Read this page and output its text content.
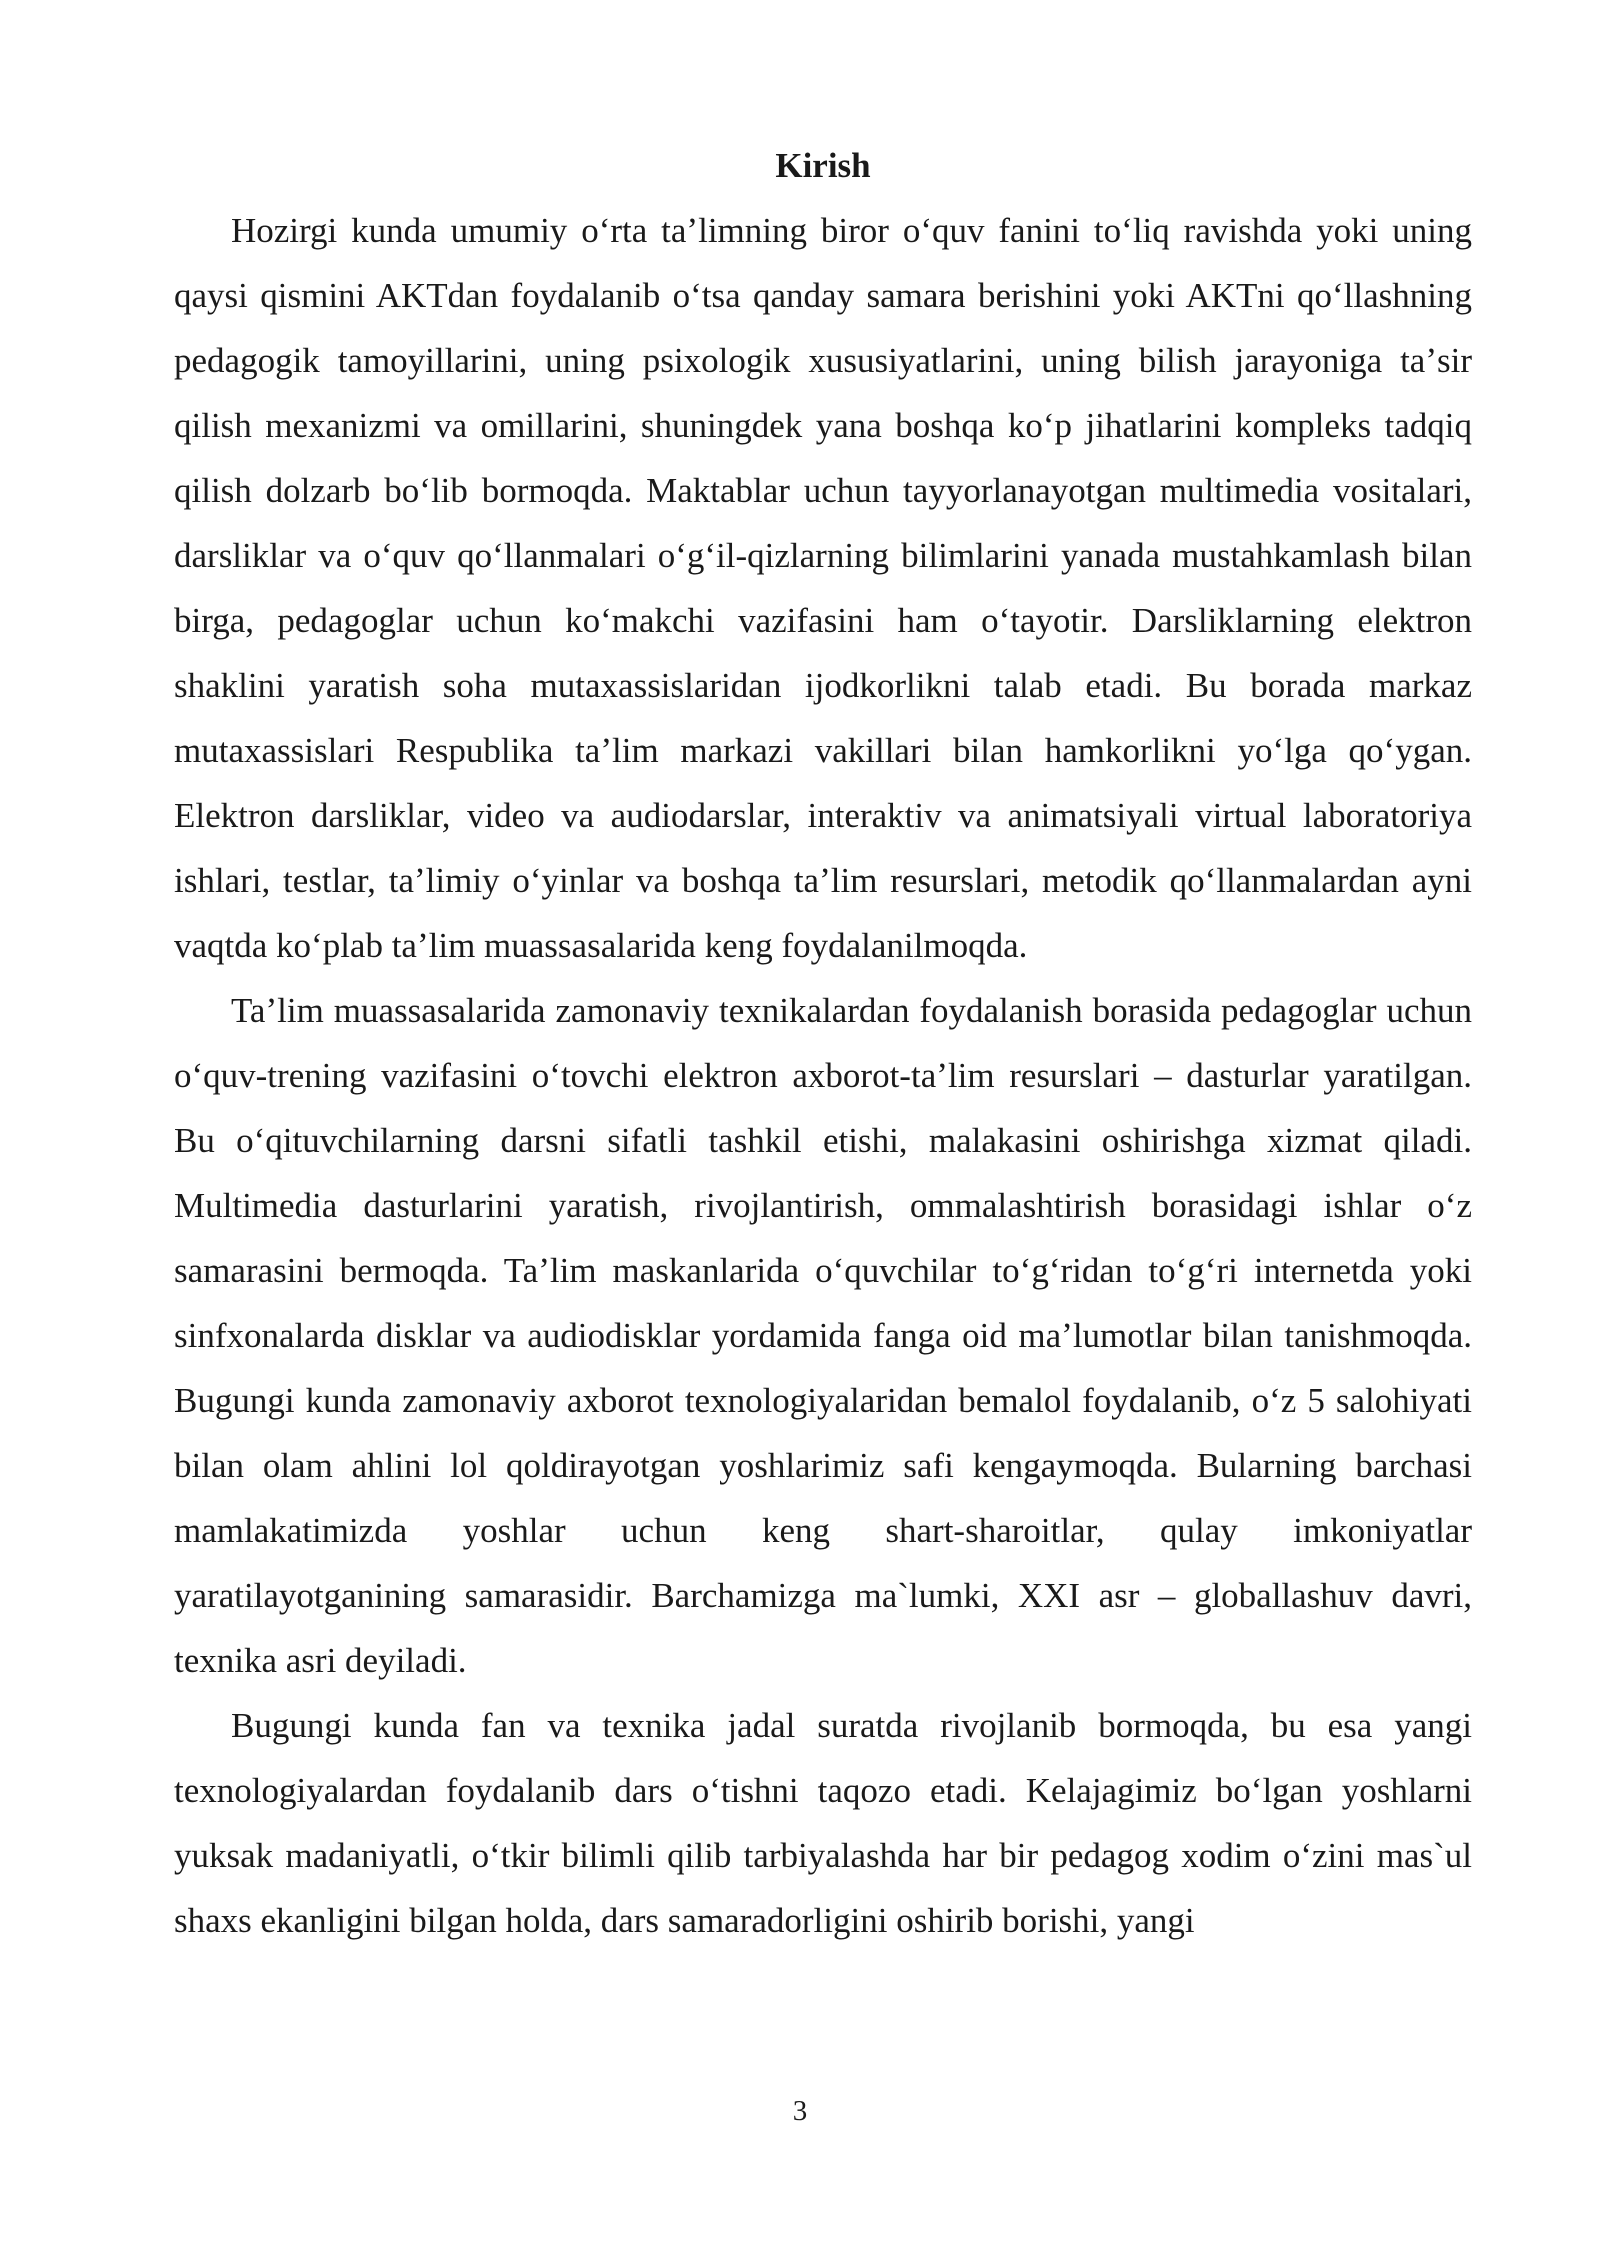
Kirish

Hozirgi kunda umumiy oʻrta taʼlimning biror oʻquv fanini toʻliq ravishda yoki uning qaysi qismini AKTdan foydalanib oʻtsa qanday samara berishini yoki AKTni qoʻllashning pedagogik tamoyillarini, uning psixologik xususiyatlarini, uning bilish jarayoniga taʼsir qilish mexanizmi va omillarini, shuningdek yana boshqa koʻp jihatlarini kompleks tadqiq qilish dolzarb boʻlib bormoqda. Maktablar uchun tayyorlanayotgan multimedia vositalari, darsliklar va oʻquv qoʻllanmalari oʻgʻil-qizlarning bilimlarini yanada mustahkamlash bilan birga, pedagoglar uchun koʻmakchi vazifasini ham oʻtayotir. Darsliklarning elektron shaklini yaratish soha mutaxassislaridan ijodkorlikni talab etadi. Bu borada markaz mutaxassislari Respublika taʼlim markazi vakillari bilan hamkorlikni yoʻlga qoʻygan. Elektron darsliklar, video va audiodarslar, interaktiv va animatsiyali virtual laboratoriya ishlari, testlar, taʼlimiy oʻyinlar va boshqa taʼlim resurslari, metodik qoʻllanmalardan ayni vaqtda koʻplab taʼlim muassasalarida keng foydalanilmoqda.

Taʼlim muassasalarida zamonaviy texnikalardan foydalanish borasida pedagoglar uchun oʻquv-trening vazifasini oʻtovchi elektron axborot-taʼlim resurslari – dasturlar yaratilgan. Bu oʻqituvchilarning darsni sifatli tashkil etishi, malakasini oshirishga xizmat qiladi. Multimedia dasturlarini yaratish, rivojlantirish, ommalashtirish borasidagi ishlar oʻz samarasini bermoqda. Taʼlim maskanlarida oʻquvchilar toʻgʻridan toʻgʻri internetda yoki sinfxonalarda disklar va audiodisklar yordamida fanga oid maʼlumotlar bilan tanishmoqda. Bugungi kunda zamonaviy axborot texnologiyalaridan bemalol foydalanib, oʻz 5 salohiyati bilan olam ahlini lol qoldirayotgan yoshlarimiz safi kengaymoqda. Bularning barchasi mamlakatimizda yoshlar uchun keng shart-sharoitlar, qulay imkoniyatlar yaratilayotganining samarasidir. Barchamizga ma`lumki, XXI asr – globallashuv davri, texnika asri deyiladi.

Bugungi kunda fan va texnika jadal suratda rivojlanib bormoqda, bu esa yangi texnologiyalardan foydalanib dars oʻtishni taqozo etadi. Kelajagimiz boʻlgan yoshlarni yuksak madaniyatli, oʻtkir bilimli qilib tarbiyalashda har bir pedagog xodim oʻzini mas`ul shaxs ekanligini bilgan holda, dars samaradorligini oshirib borishi, yangi

3
